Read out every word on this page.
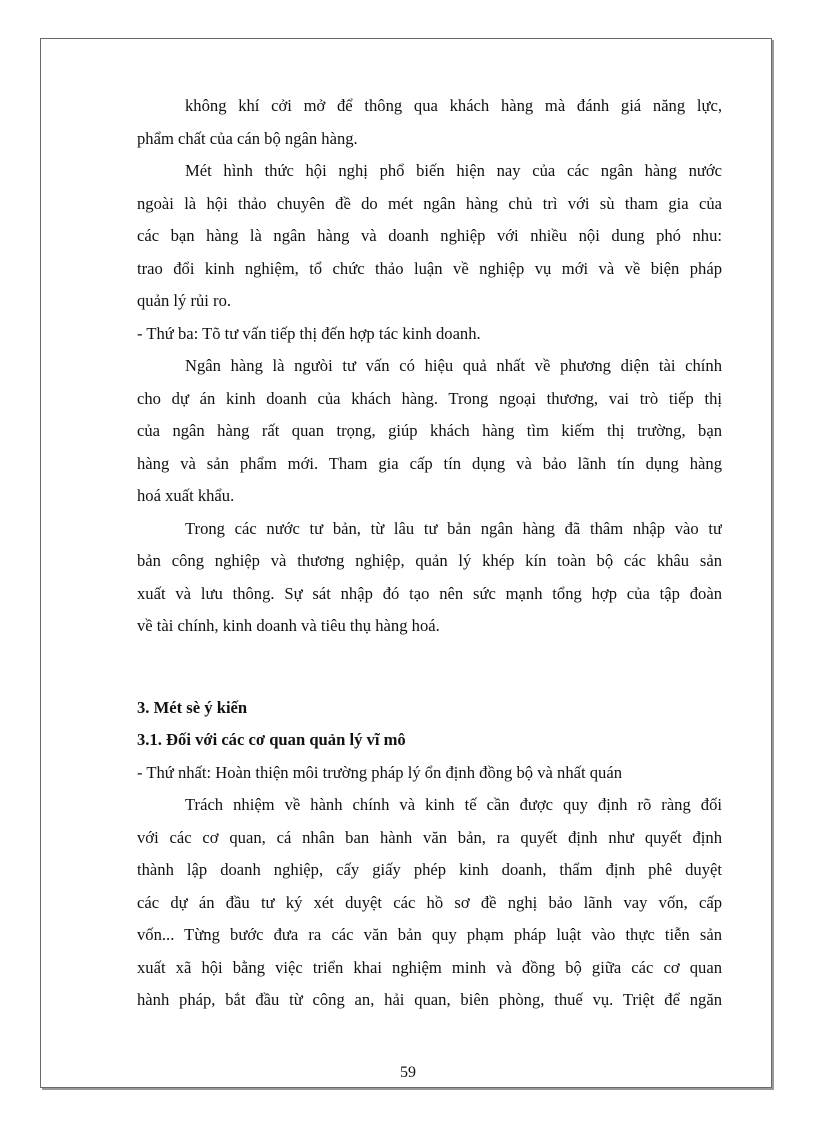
không khí cởi mở để thông qua khách hàng mà đánh giá năng lực,
phẩm chất của cán bộ ngân hàng.
Mét hình thức hội nghị phổ biến hiện nay của các ngân hàng nước
ngoài là hội thảo chuyên đề do mét ngân hàng chủ trì với sù tham gia của
các bạn hàng là ngân hàng và doanh nghiệp với nhiều nội dung phó nhu:
trao đổi kinh nghiệm, tổ chức thảo luận về nghiệp vụ mới và về biện pháp
quản lý rủi ro.
- Thứ ba: Tõ tư vấn tiếp thị đến hợp tác kinh doanh.
Ngân hàng là ngưòi tư vấn có hiệu quả nhất về phương diện tài chính
cho dự án kinh doanh của khách hàng. Trong ngoại thương, vai trò tiếp thị
của ngân hàng rất quan trọng, giúp khách hàng tìm kiếm thị trường, bạn
hàng và sản phẩm mới. Tham gia cấp tín dụng và bảo lãnh tín dụng hàng
hoá xuất khẩu.
Trong các nước tư bản, từ lâu tư bản ngân hàng đã thâm nhập vào tư
bản công nghiệp và thương nghiệp, quản lý khép kín toàn bộ các khâu sản
xuất và lưu thông. Sự sát nhập đó tạo nên sức mạnh tổng hợp của tập đoàn
về tài chính, kinh doanh và tiêu thụ hàng hoá.
3. Mét sè ý kiến
3.1. Đối với các cơ quan quản lý vĩ mô
- Thứ nhất: Hoàn thiện môi trường pháp lý ổn định đồng bộ và nhất quán
Trách nhiệm về hành chính và kinh tế cần được quy định rõ ràng đối
với các cơ quan, cá nhân ban hành văn bản, ra quyết định như quyết định
thành lập doanh nghiệp, cấy giấy phép kinh doanh, thẩm định phê duyệt
các dự án đầu tư ký xét duyệt các hồ sơ đề nghị bảo lãnh vay vốn, cấp
vốn... Từng bước đưa ra các văn bản quy phạm pháp luật vào thực tiễn sản
xuất xã hội bằng việc triển khai nghiệm minh và đồng bộ giữa các cơ quan
hành pháp, bắt đầu từ công an, hải quan, biên phòng, thuế vụ. Triệt để ngăn
59
